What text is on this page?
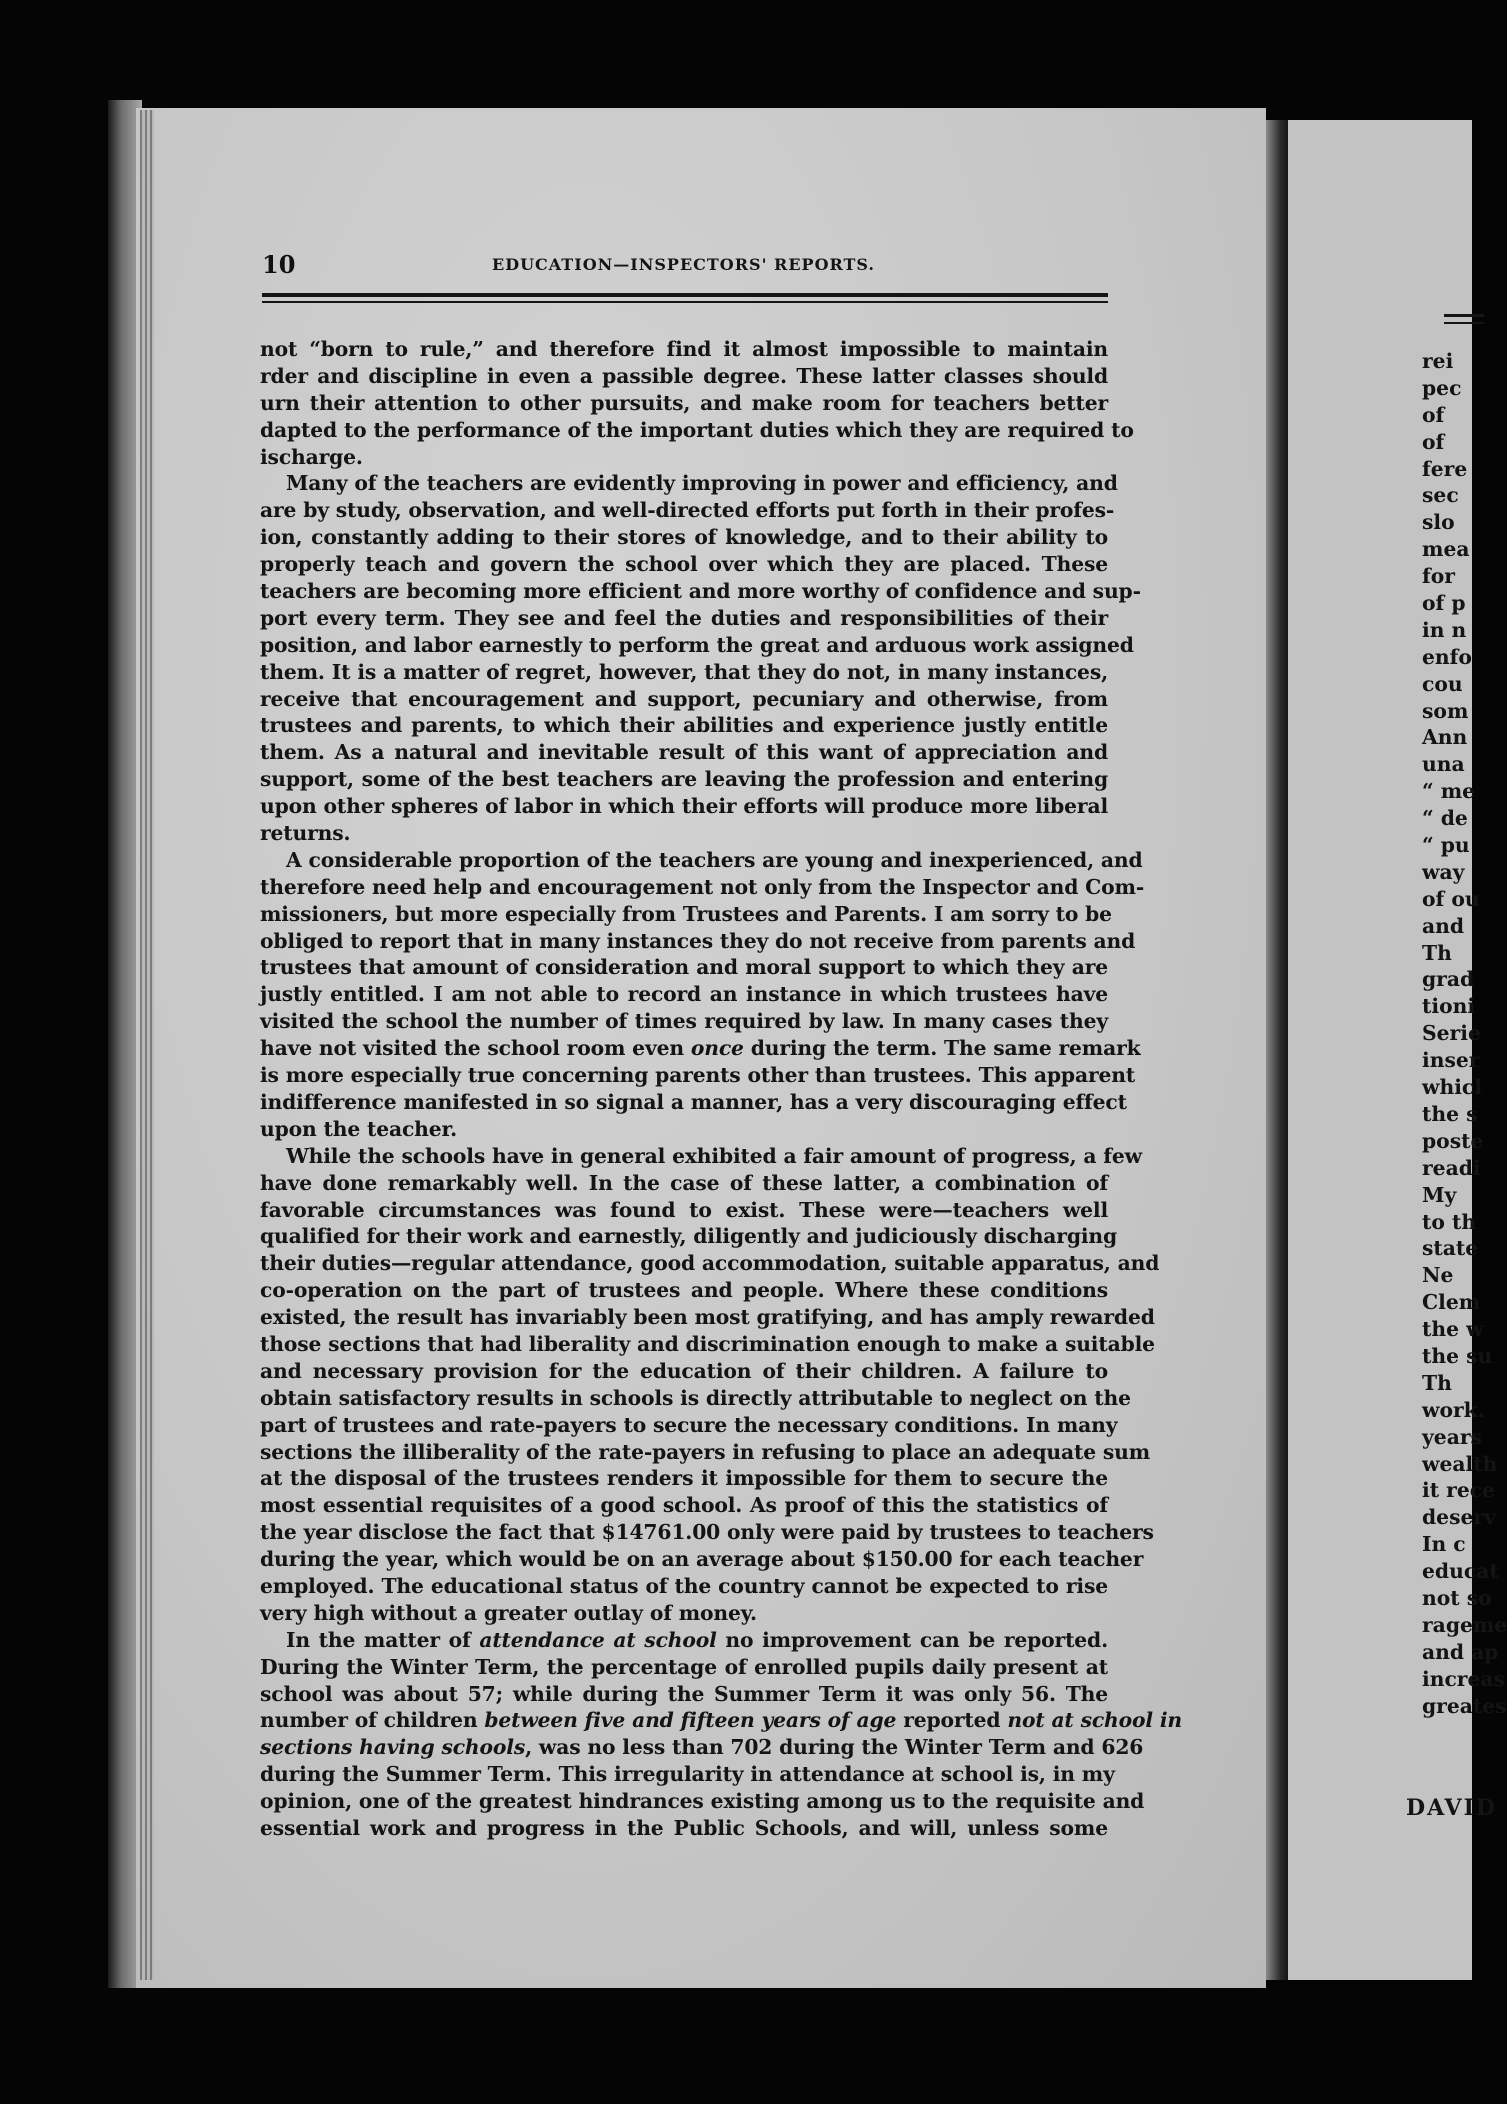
rei
pec
of
of
fere
sec
slo
mea
for
of p
in n
enfo
cou
som
Ann
una
“ me
“ de
“ pu
way
of ou
and
Th
grad
tioni
Serie
inser
whicl
the s
poste
readi
My
to th
state
Ne
Clem
the w
the su
Th
work.
years
wealth
it rece
deserv
In c
educat
not so
rageme
and ap
increas
greates
DAVID
10	EDUCATION—INSPECTORS' REPORTS.
not “born to rule,” and therefore find it almost impossible to maintain
rder and discipline in even a passible degree. These latter classes should
urn their attention to other pursuits, and make room for teachers better
dapted to the performance of the important duties which they are required to
ischarge.
Many of the teachers are evidently improving in power and efficiency, and
are by study, observation, and well-directed efforts put forth in their profes-
ion, constantly adding to their stores of knowledge, and to their ability to
properly teach and govern the school over which they are placed. These
teachers are becoming more efficient and more worthy of confidence and sup-
port every term. They see and feel the duties and responsibilities of their
position, and labor earnestly to perform the great and arduous work assigned
them. It is a matter of regret, however, that they do not, in many instances,
receive that encouragement and support, pecuniary and otherwise, from
trustees and parents, to which their abilities and experience justly entitle
them. As a natural and inevitable result of this want of appreciation and
support, some of the best teachers are leaving the profession and entering
upon other spheres of labor in which their efforts will produce more liberal
returns.
A considerable proportion of the teachers are young and inexperienced, and
therefore need help and encouragement not only from the Inspector and Com-
missioners, but more especially from Trustees and Parents. I am sorry to be
obliged to report that in many instances they do not receive from parents and
trustees that amount of consideration and moral support to which they are
justly entitled. I am not able to record an instance in which trustees have
visited the school the number of times required by law. In many cases they
have not visited the school room even once during the term. The same remark
is more especially true concerning parents other than trustees. This apparent
indifference manifested in so signal a manner, has a very discouraging effect
upon the teacher.
While the schools have in general exhibited a fair amount of progress, a few
have done remarkably well. In the case of these latter, a combination of
favorable circumstances was found to exist. These were—teachers well
qualified for their work and earnestly, diligently and judiciously discharging
their duties—regular attendance, good accommodation, suitable apparatus, and
co-operation on the part of trustees and people. Where these conditions
existed, the result has invariably been most gratifying, and has amply rewarded
those sections that had liberality and discrimination enough to make a suitable
and necessary provision for the education of their children. A failure to
obtain satisfactory results in schools is directly attributable to neglect on the
part of trustees and rate-payers to secure the necessary conditions. In many
sections the illiberality of the rate-payers in refusing to place an adequate sum
at the disposal of the trustees renders it impossible for them to secure the
most essential requisites of a good school. As proof of this the statistics of
the year disclose the fact that $14761.00 only were paid by trustees to teachers
during the year, which would be on an average about $150.00 for each teacher
employed. The educational status of the country cannot be expected to rise
very high without a greater outlay of money.
In the matter of attendance at school no improvement can be reported.
During the Winter Term, the percentage of enrolled pupils daily present at
school was about 57; while during the Summer Term it was only 56. The
number of children between five and fifteen years of age reported not at school in
sections having schools, was no less than 702 during the Winter Term and 626
during the Summer Term. This irregularity in attendance at school is, in my
opinion, one of the greatest hindrances existing among us to the requisite and
essential work and progress in the Public Schools, and will, unless some
